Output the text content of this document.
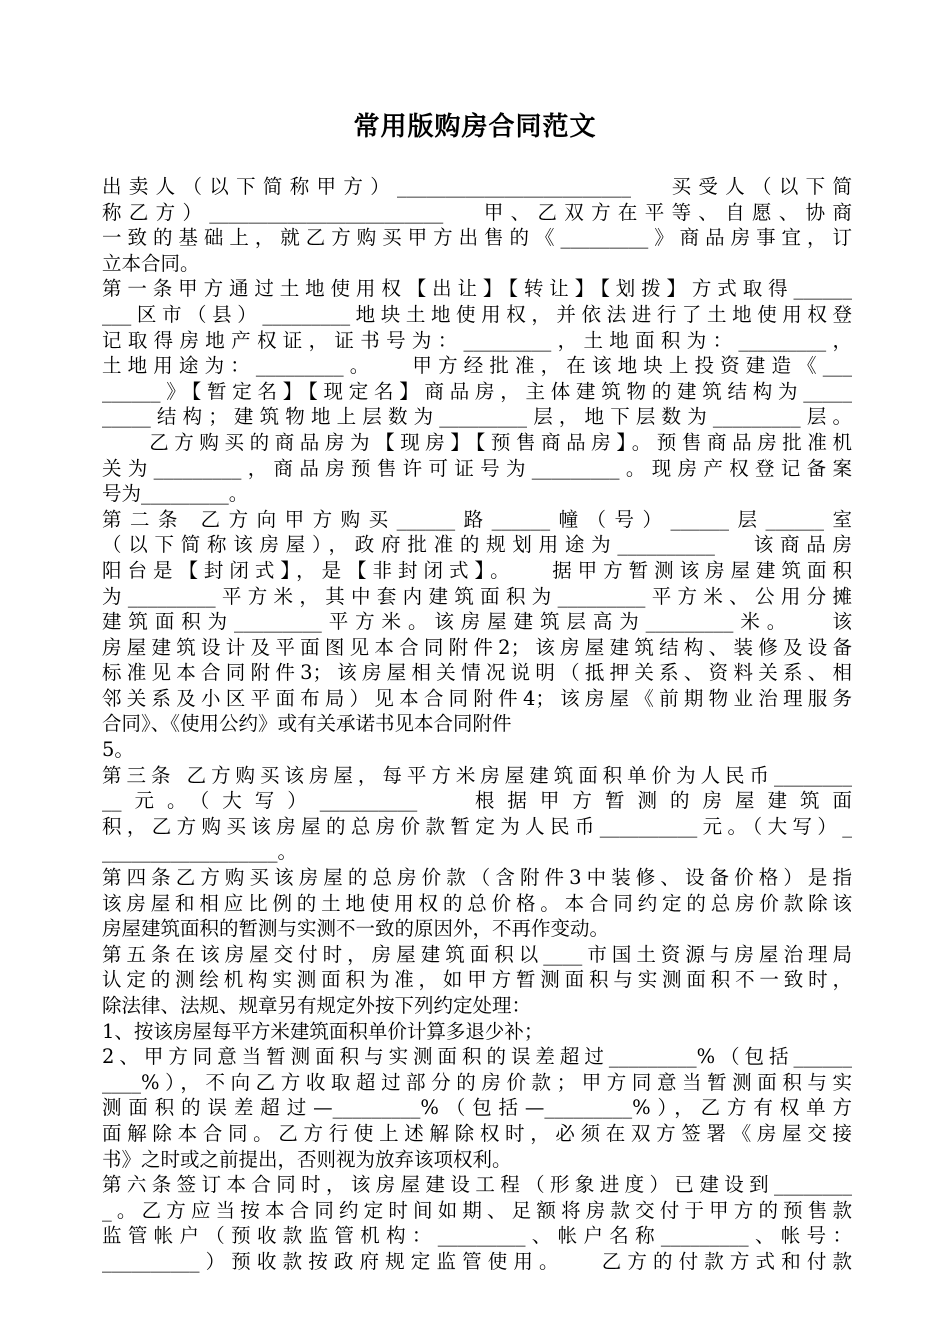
常用版购房合同范文
出卖人（以下简称甲方）________________________   买受人（以下简
称乙方）________________________   甲、乙双方在平等、自愿、协商
一致的基础上，就乙方购买甲方出售的《_________》商品房事宜，订
立本合同。
第一条甲方通过土地使用权【出让】【转让】【划拨】方式取得______
___区市（县）_________地块土地使用权，并依法进行了土地使用权登
记取得房地产权证，证书号为：_________，土地面积为：_________，
土地用途为：_________。   甲方经批准，在该地块上投资建造《___
______》【暂定名】【现定名】商品房，主体建筑物的建筑结构为_____
_____结构；建筑物地上层数为_________层，地下层数为_________层。
乙方购买的商品房为【现房】【预售商品房】。预售商品房批准机
关为_________，商品房预售许可证号为_________。现房产权登记备案
号为_________。
第二条 乙方向甲方购买______路______幢（号）______层______室
（以下简称该房屋），政府批准的规划用途为__________   该商品房
阳台是【封闭式】，是【非封闭式】。   据甲方暂测该房屋建筑面积
为_________平方米，其中套内建筑面积为_________平方米、公用分摊
建筑面积为_________平方米。该房屋建筑层高为_________米。   该
房屋建筑设计及平面图见本合同附件2；该房屋建筑结构、装修及设备
标准见本合同附件3；该房屋相关情况说明（抵押关系、资料关系、相
邻关系及小区平面布局）见本合同附件4；该房屋《前期物业治理服务
合同》、《使用公约》或有关承诺书见本合同附件
5。
第三条 乙方购买该房屋，每平方米房屋建筑面积单价为人民币________
__元。（大写）__________   根据甲方暂测的房屋建筑面
积，乙方购买该房屋的总房价款暂定为人民币__________元。（大写）_
__________________。
第四条乙方购买该房屋的总房价款（含附件3中装修、设备价格）是指
该房屋和相应比例的土地使用权的总价格。本合同约定的总房价款除该
房屋建筑面积的暂测与实测不一致的原因外，不再作变动。
第五条在该房屋交付时，房屋建筑面积以____市国土资源与房屋治理局
认定的测绘机构实测面积为准，如甲方暂测面积与实测面积不一致时，
除法律、法规、规章另有规定外按下列约定处理：
1、按该房屋每平方米建筑面积单价计算多退少补；
2、甲方同意当暂测面积与实测面积的误差超过_________%（包括______
____%），不向乙方收取超过部分的房价款；甲方同意当暂测面积与实
测面积的误差超过—_________%（包括—_________%），乙方有权单方
面解除本合同。乙方行使上述解除权时，必须在双方签署《房屋交接
书》之时或之前提出，否则视为放弃该项权利。
第六条签订本合同时，该房屋建设工程（形象进度）已建设到________
_。乙方应当按本合同约定时间如期、足额将房款交付于甲方的预售款
监管帐户（预收款监管机构：_________、帐户名称_________、帐号：
__________）预收款按政府规定监管使用。   乙方的付款方式和付款
